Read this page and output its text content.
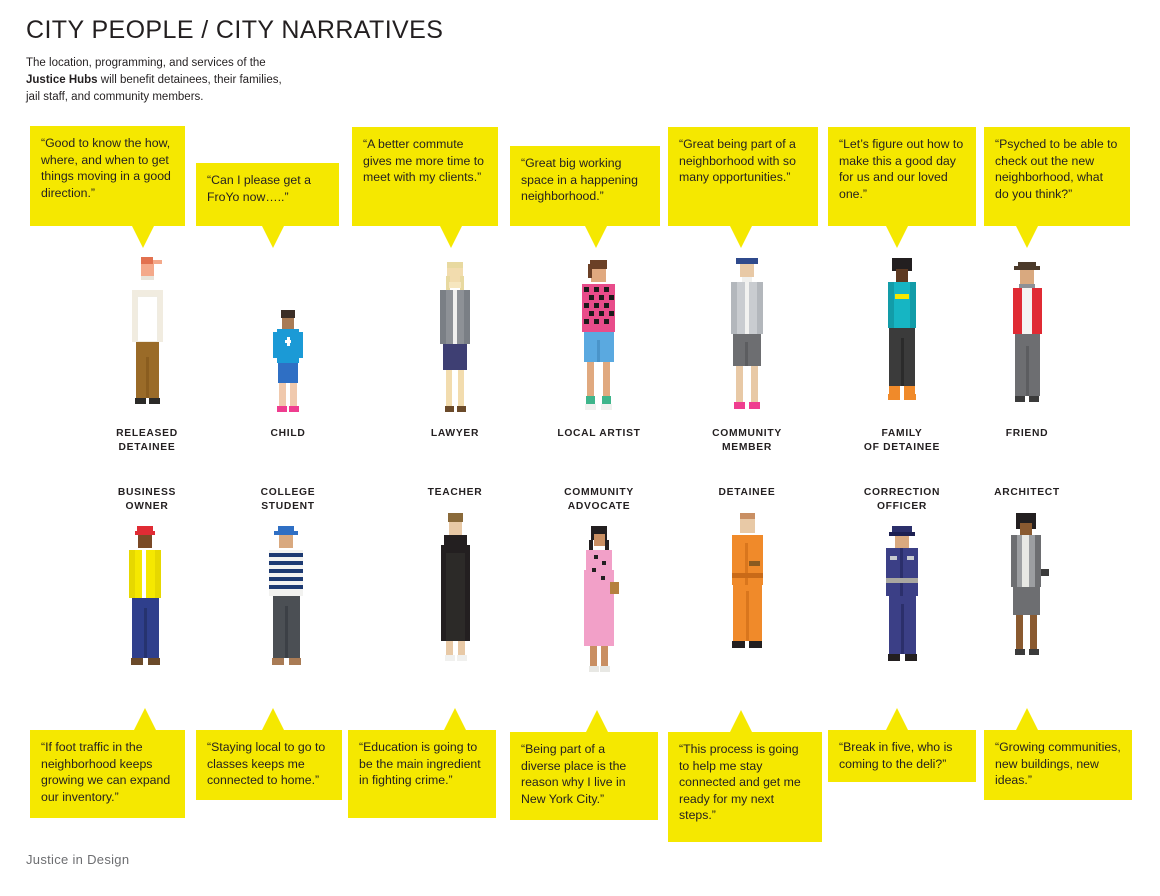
CITY PEOPLE / CITY NARRATIVES
The location, programming, and services of the
Justice Hubs will benefit detainees, their families,
jail staff, and community members.
“Good to know the how, where, and when to get things moving in a good direction.”
“Can I please get a FroYo now…..”
“A better commute gives me more time to meet with my clients.”
“Great big working space in a happening neighborhood.”
“Great being part of a neighborhood with so many opportunities.”
“Let’s figure out how to make this a good day for us and our loved one.”
“Psyched to be able to check out the new neighborhood, what do you think?”
RELEASED
DETAINEE
CHILD	LAWYER	LOCAL ARTIST	COMMUNITY
MEMBER
FAMILY
OF DETAINEE
FRIEND
BUSINESS
OWNER
COLLEGE
STUDENT
TEACHER	COMMUNITY
ADVOCATE
DETAINEE	CORRECTION
OFFICER
ARCHITECT
“If foot traffic in the neighborhood keeps growing we can expand our inventory.”
“Staying local to go to classes keeps me connected to home.”
“Education is going to be the main ingredient in fighting crime.”
“Being part of a diverse place is the reason why I live in New York City.”
“This process is going to help me stay connected and get me ready for my next steps.”
“Break in five, who is coming to the deli?”
“Growing communities, new buildings, new ideas.”
Justice in Design
